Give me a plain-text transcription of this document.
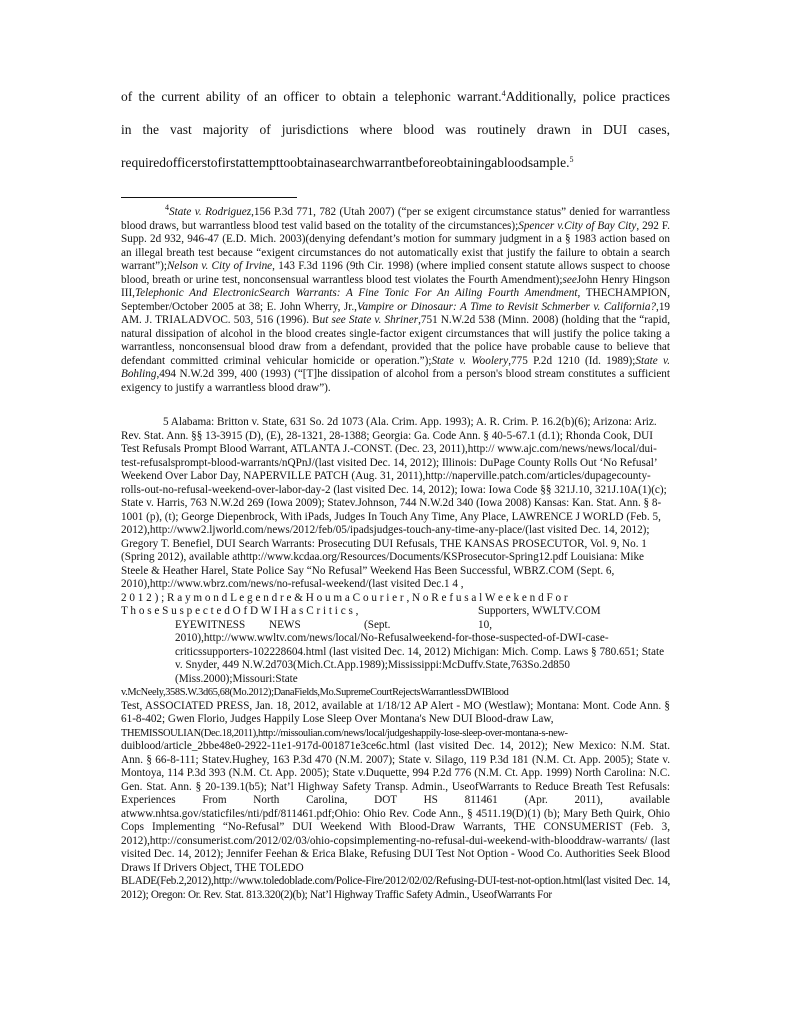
of the current ability of an officer to obtain a telephonic warrant.$^4$Additionally, police practices
in the vast majority of jurisdictions where blood was routinely drawn in DUI cases,
requiredofficerstofirstattempttoobtainasearchwarrantbeforeobtainingabloodsample.$^5$

$^4$State v. Rodriguez,156 P.3d 771, 782 (Utah 2007) (“per se exigent circumstance status” denied for warrantless blood draws, but warrantless blood test valid based on the totality of the circumstances);Spencer v.City of Bay City, 292 F. Supp. 2d 932, 946-47 (E.D. Mich. 2003)(denying defendant’s motion for summary judgment in a § 1983 action based on an illegal breath test because “exigent circumstances do not automatically exist that justify the failure to obtain a search warrant”);Nelson v. City of Irvine, 143 F.3d 1196 (9th Cir. 1998) (where implied consent statute allows suspect to choose blood, breath or urine test, nonconsensual warrantless blood test violates the Fourth Amendment);seeJohn Henry Hingson III,Telephonic And ElectronicSearch Warrants: A Fine Tonic For An Ailing Fourth Amendment, THECHAMPION, September/October 2005 at 38; E. John Wherry, Jr.,Vampire or Dinosaur: A Time to Revisit Schmerber v. California?,19 AM. J. TRIALADVOC. 503, 516 (1996). But see State v. Shriner,751 N.W.2d 538 (Minn. 2008) (holding that the “rapid, natural dissipation of alcohol in the blood creates single-factor exigent circumstances that will justify the police taking a warrantless, nonconsensual blood draw from a defendant, provided that the police have probable cause to believe that defendant committed criminal vehicular homicide or operation.”);State v. Woolery,775 P.2d 1210 (Id. 1989);State v. Bohling,494 N.W.2d 399, 400 (1993) (“[T]he dissipation of alcohol from a person's blood stream constitutes a sufficient exigency to justify a warrantless blood draw”).

5 Alabama: Britton v. State, 631 So. 2d 1073 (Ala. Crim. App. 1993); A. R. Crim. P. 16.2(b)(6); Arizona: Ariz. Rev. Stat. Ann. §§ 13-3915 (D), (E), 28-1321, 28-1388; Georgia: Ga. Code Ann. § 40-5-67.1 (d.1); Rhonda Cook, DUI Test Refusals Prompt Blood Warrant, ATLANTA J.-CONST. (Dec. 23, 2011),http:// www.ajc.com/news/news/local/dui-test-refusalsprompt-blood-warrants/nQPnJ/(last visited Dec. 14, 2012); Illinois: DuPage County Rolls Out ‘No Refusal’ Weekend Over Labor Day, NAPERVILLE PATCH (Aug. 31, 2011),http://naperville.patch.com/articles/dupagecounty-rolls-out-no-refusal-weekend-over-labor-day-2 (last visited Dec. 14, 2012); Iowa: Iowa Code §§ 321J.10, 321J.10A(1)(c); State v. Harris, 763 N.W.2d 269 (Iowa 2009); Statev.Johnson, 744 N.W.2d 340 (Iowa 2008) Kansas: Kan. Stat. Ann. § 8-1001 (p), (t); George Diepenbrock, With iPads, Judges In Touch Any Time, Any Place, LAWRENCE J WORLD (Feb. 5, 2012),http://www2.ljworld.com/news/2012/feb/05/ipadsjudges-touch-any-time-any-place/(last visited Dec. 14, 2012); Gregory T. Benefiel, DUI Search Warrants: Prosecuting DUI Refusals, THE KANSAS PROSECUTOR, Vol. 9, No. 1 (Spring 2012), available athttp://www.kcdaa.org/Resources/Documents/KSProsecutor-Spring12.pdf Louisiana: Mike Steele & Heather Harel, State Police Say “No Refusal” Weekend Has Been Successful, WBRZ.COM (Sept. 6, 2010),http://www.wbrz.com/news/no-refusal-weekend/(last visited Dec.1 4 ,

2 0 1 2 ) ; R a y m o n d L e g e n d r e & H o u m a C o u r i e r , N o R e f u s a l W e e k e n d F o r

T h o s e S u s p e c t e d O f D W I H a s C r i t i c s ,	Supporters, WWLTV.COM

EYEWITNESS NEWS	(Sept.	10,

2010),http://www.wwltv.com/news/local/No-Refusalweekend-for-those-suspected-of-DWI-case-criticssupporters-102228604.html (last visited Dec. 14, 2012) Michigan: Mich. Comp. Laws § 780.651; State v. Snyder, 449 N.W.2d703(Mich.Ct.App.1989);Mississippi:McDuffv.State,763So.2d850 (Miss.2000);Missouri:State

v.McNeely,358S.W.3d65,68(Mo.2012);DanaFields,Mo.SupremeCourtRejectsWarrantlessDWIBlood

Test, ASSOCIATED PRESS, Jan. 18, 2012, available at 1/18/12 AP Alert - MO (Westlaw); Montana: Mont. Code Ann. § 61-8-402; Gwen Florio, Judges Happily Lose Sleep Over Montana's New DUI Blood-draw Law,

THEMISSOULIAN(Dec.18,2011),http://missoulian.com/news/local/judgeshappily-lose-sleep-over-montana-s-new-

duiblood/article_2bbe48e0-2922-11e1-917d-001871e3ce6c.html (last visited Dec. 14, 2012); New Mexico: N.M. Stat. Ann. § 66-8-111; Statev.Hughey, 163 P.3d 470 (N.M. 2007); State v. Silago, 119 P.3d 181 (N.M. Ct. App. 2005); State v. Montoya, 114 P.3d 393 (N.M. Ct. App. 2005); State v.Duquette, 994 P.2d 776 (N.M. Ct. App. 1999) North Carolina: N.C. Gen. Stat. Ann. § 20-139.1(b5); Nat’l Highway Safety Transp. Admin., UseofWarrants to Reduce Breath Test Refusals: Experiences From North Carolina, DOT HS 811461 (Apr. 2011), available atwww.nhtsa.gov/staticfiles/nti/pdf/811461.pdf;Ohio: Ohio Rev. Code Ann., § 4511.19(D)(1) (b); Mary Beth Quirk, Ohio Cops Implementing “No-Refusal” DUI Weekend With Blood-Draw Warrants, THE CONSUMERIST (Feb. 3, 2012),http://consumerist.com/2012/02/03/ohio-copsimplementing-no-refusal-dui-weekend-with-blooddraw-warrants/ (last visited Dec. 14, 2012); Jennifer Feehan & Erica Blake, Refusing DUI Test Not Option - Wood Co. Authorities Seek Blood Draws If Drivers Object, THE TOLEDO

BLADE(Feb.2,2012),http://www.toledoblade.com/Police-Fire/2012/02/02/Refusing-DUI-test-not-option.html(last visited Dec. 14, 2012); Oregon: Or. Rev. Stat. 813.320(2)(b); Nat’l Highway Traffic Safety Admin., UseofWarrants For
